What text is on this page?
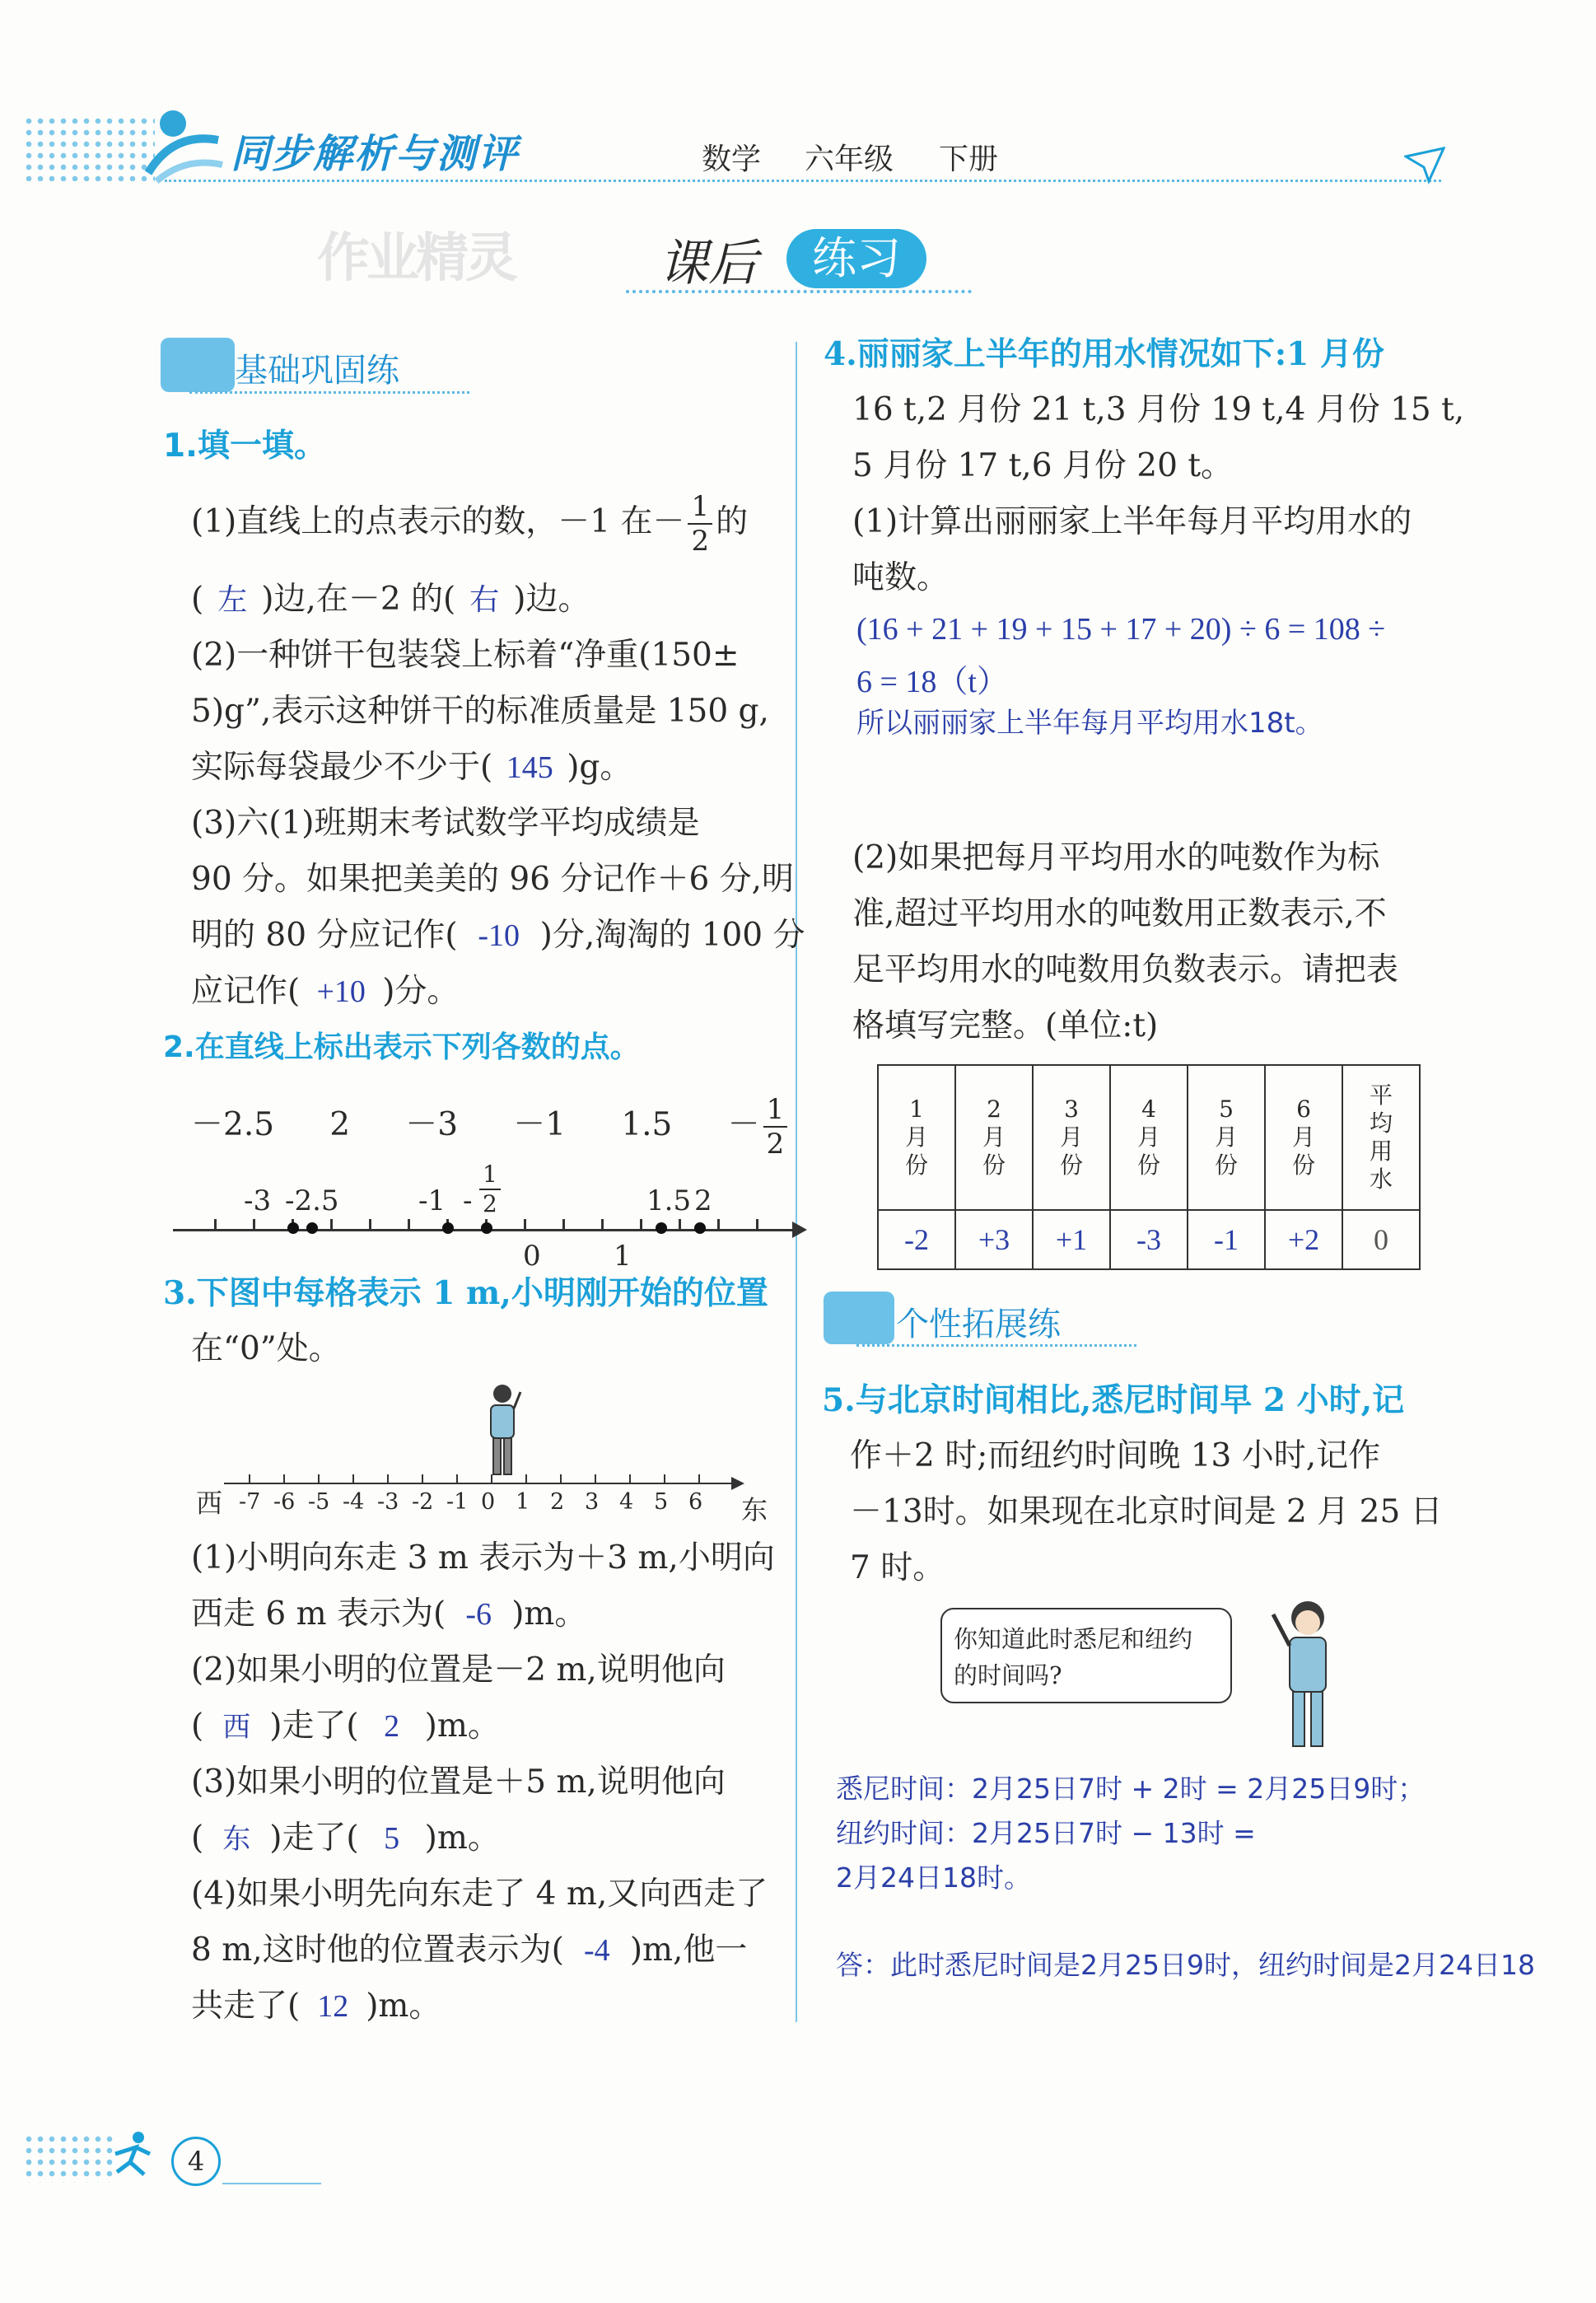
同步解析与测评	数学 六年级 下册
作业精灵	课后	练习
基础巩固练
1.填一填。
(1)直线上的点表示的数，－1 在－ $\frac{1}{2}$ 的
( 左 )边,在－2 的( 右 )边。
(2)一种饼干包装袋上标着“净重(150±
5)g”,表示这种饼干的标准质量是 150 g,
实际每袋最少不少于( 145 )g。
(3)六(1)班期末考试数学平均成绩是
90 分。如果把美美的 96 分记作＋6 分,明
明的 80 分应记作( -10 )分,淘淘的 100 分
应记作( +10 )分。
2.在直线上标出表示下列各数的点。
－2.5 2 －3 －1 $1.5 - \frac{1}{2}$
-3 -2.5	$-1 - \frac{1}{2}$	1.5 2
0	1
3.下图中每格表示 1 m,小明刚开始的位置
在“0”处。
西 -7 -6 -5 -4 -3 -2 -1 0 1 2 3 4 5 6	东
(1)小明向东走 3 m 表示为＋3 m,小明向
西走 6 m 表示为( -6 )m。
(2)如果小明的位置是－2 m,说明他向
( 西 )走了( 2 )m。
(3)如果小明的位置是＋5 m,说明他向
( 东 )走了( 5 )m。
(4)如果小明先向东走了 4 m,又向西走了
8 m,这时他的位置表示为( -4 )m,他一
共走了( 12 )m。
4.丽丽家上半年的用水情况如下:1 月份
16 t,2 月份 21 t,3 月份 19 t,4 月份 15 t,
5 月份 17 t,6 月份 20 t。
(1)计算出丽丽家上半年每月平均用水的
吨数。
(16 + 21 + 19 + 15 + 17 + 20) ÷ 6 = 108 ÷
6 = 18（t）
所以丽丽家上半年每月平均用水18t。
(2)如果把每月平均用水的吨数作为标
准,超过平均用水的吨数用正数表示,不
足平均用水的吨数用负数表示。请把表
格填写完整。(单位:t)
1月份	2月份	3月份	4月份	5月份	6月份	平均用水

-2	+3	+1	-3	-1	+2	0
个性拓展练
5.与北京时间相比,悉尼时间早 2 小时,记
作＋2 时;而纽约时间晚 13 小时,记作
－13时。如果现在北京时间是 2 月 25 日
7 时。
你知道此时悉尼和纽约
的时间吗?
悉尼时间：2月25日7时 + 2时 = 2月25日9时；
纽约时间：2月25日7时 − 13时 =
2月24日18时。
答：此时悉尼时间是2月25日9时，纽约时间是2月24日18
4
